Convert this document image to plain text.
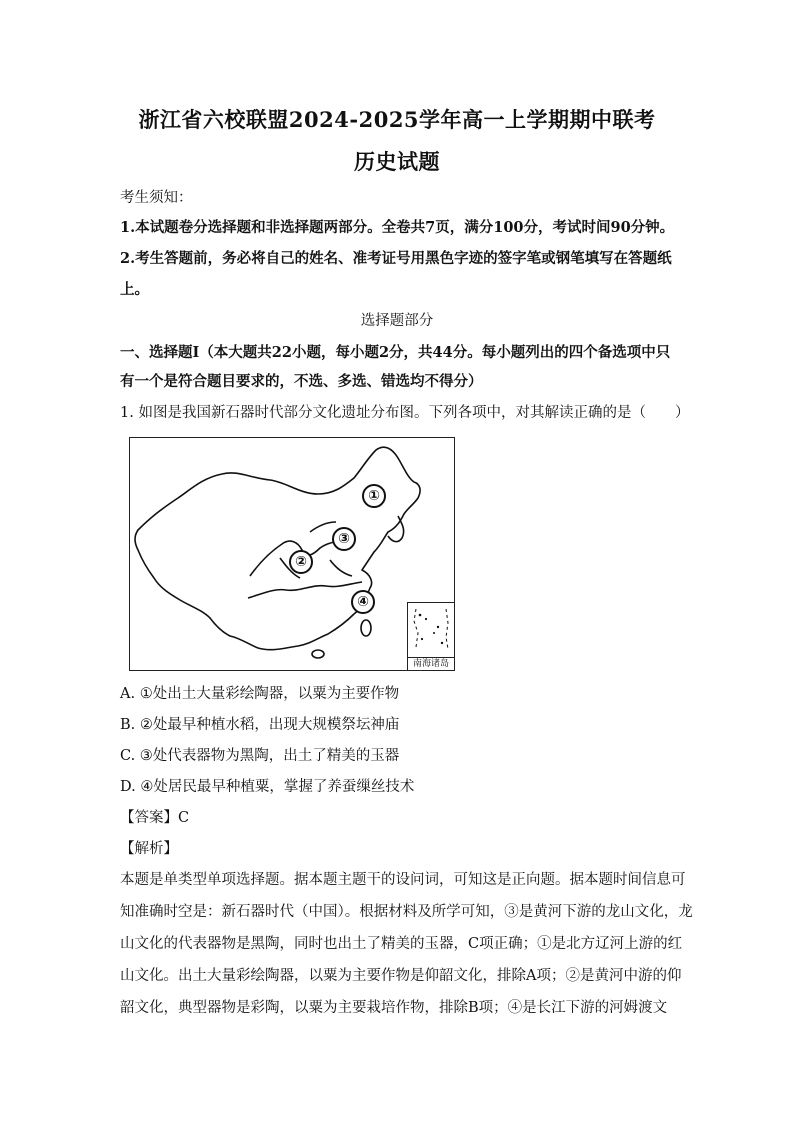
浙江省六校联盟2024-2025学年高一上学期期中联考
历史试题
考生须知：
1.本试题卷分选择题和非选择题两部分。全卷共7页，满分100分，考试时间90分钟。
2.考生答题前，务必将自己的姓名、准考证号用黑色字迹的签字笔或钢笔填写在答题纸
上。
选择题部分
一、选择题Ⅰ（本大题共22小题，每小题2分，共44分。每小题列出的四个备选项中只
有一个是符合题目要求的，不选、多选、错选均不得分）
1. 如图是我国新石器时代部分文化遗址分布图。下列各项中，对其解读正确的是（　　）
①
②
③
④
南海诸岛
A. ①处出土大量彩绘陶器，以粟为主要作物
B. ②处最早种植水稻，出现大规模祭坛神庙
C. ③处代表器物为黑陶，出土了精美的玉器
D. ④处居民最早种植粟，掌握了养蚕缫丝技术
【答案】C
【解析】
本题是单类型单项选择题。据本题主题干的设问词，可知这是正向题。据本题时间信息可
知准确时空是：新石器时代（中国）。根据材料及所学可知，③是黄河下游的龙山文化，龙
山文化的代表器物是黑陶，同时也出土了精美的玉器，C项正确；①是北方辽河上游的红
山文化。出土大量彩绘陶器，以粟为主要作物是仰韶文化，排除A项；②是黄河中游的仰
韶文化，典型器物是彩陶，以粟为主要栽培作物，排除B项；④是长江下游的河姆渡文
